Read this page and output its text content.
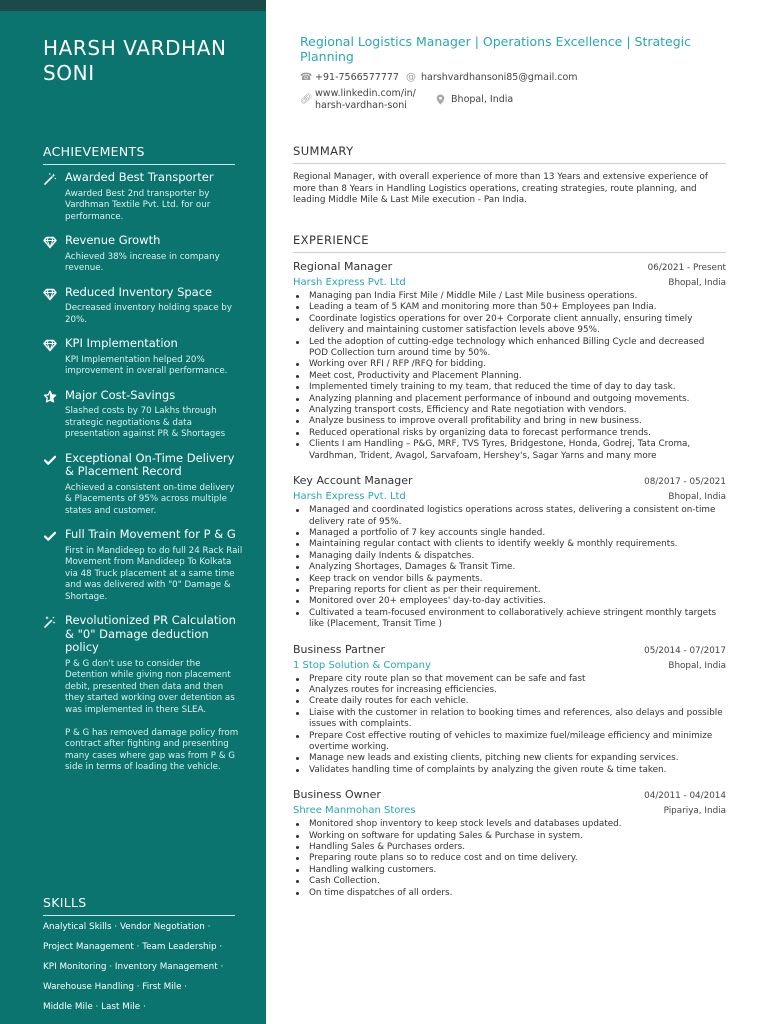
HARSH VARDHAN SONI
ACHIEVEMENTS
Awarded Best Transporter
Awarded Best 2nd transporter by Vardhman Textile Pvt. Ltd. for our performance.
Revenue Growth
Achieved 38% increase in company revenue.
Reduced Inventory Space
Decreased inventory holding space by 20%.
KPI Implementation
KPI Implementation helped 20% improvement in overall performance.
Major Cost-Savings
Slashed costs by 70 Lakhs through strategic negotiations & data presentation against PR & Shortages
Exceptional On-Time Delivery & Placement Record
Achieved a consistent on-time delivery & Placements of 95% across multiple states and customer.
Full Train Movement for P & G
First in Mandideep to do full 24 Rack Rail Movement from Mandideep To Kolkata via 48 Truck placement at a same time and was delivered with "0" Damage & Shortage.
Revolutionized PR Calculation & "0" Damage deduction policy
P & G don't use to consider the Detention while giving non placement debit, presented then data and then they started working over detention as was implemented in there SLEA.

P & G has removed damage policy from contract after fighting and presenting many cases where gap was from P & G side in terms of loading the vehicle.
SKILLS
Analytical Skills · Vendor Negotiation ·
Project Management · Team Leadership ·
KPI Monitoring · Inventory Management ·
Warehouse Handling · First Mile ·
Middle Mile · Last Mile ·
Regional Logistics Manager | Operations Excellence | Strategic Planning
☎ +91-7566577777 @ harshvardhansoni85@gmail.com
🔗︎ www.linkedin.com/in/
harsh-vardhan-soni
Bhopal, India
SUMMARY
Regional Manager, with overall experience of more than 13 Years and extensive experience of more than 8 Years in Handling Logistics operations, creating strategies, route planning, and leading Middle Mile & Last Mile execution - Pan India.
EXPERIENCE
Regional Manager	06/2021 - Present
Harsh Express Pvt. Ltd	Bhopal, India
Managing pan India First Mile / Middle Mile / Last Mile business operations.
Leading a team of 5 KAM and monitoring more than 50+ Employees pan India.
Coordinate logistics operations for over 20+ Corporate client annually, ensuring timely delivery and maintaining customer satisfaction levels above 95%.
Led the adoption of cutting-edge technology which enhanced Billing Cycle and decreased POD Collection turn around time by 50%.
Working over RFI / RFP /RFQ for bidding.
Meet cost, Productivity and Placement Planning.
Implemented timely training to my team, that reduced the time of day to day task.
Analyzing planning and placement performance of inbound and outgoing movements.
Analyzing transport costs, Efficiency and Rate negotiation with vendors.
Analyze business to improve overall profitability and bring in new business.
Reduced operational risks by organizing data to forecast performance trends.
Clients I am Handling – P&G, MRF, TVS Tyres, Bridgestone, Honda, Godrej, Tata Croma, Vardhman, Trident, Avagol, Sarvafoam, Hershey's, Sagar Yarns and many more
Key Account Manager	08/2017 - 05/2021
Harsh Express Pvt. Ltd	Bhopal, India
Managed and coordinated logistics operations across states, delivering a consistent on-time delivery rate of 95%.
Managed a portfolio of 7 key accounts single handed.
Maintaining regular contact with clients to identify weekly & monthly requirements.
Managing daily Indents & dispatches.
Analyzing Shortages, Damages & Transit Time.
Keep track on vendor bills & payments.
Preparing reports for client as per their requirement.
Monitored over 20+ employees' day-to-day activities.
Cultivated a team-focused environment to collaboratively achieve stringent monthly targets like (Placement, Transit Time )
Business Partner	05/2014 - 07/2017
1 Stop Solution & Company	Bhopal, India
Prepare city route plan so that movement can be safe and fast
Analyzes routes for increasing efficiencies.
Create daily routes for each vehicle.
Liaise with the customer in relation to booking times and references, also delays and possible issues with complaints.
Prepare Cost effective routing of vehicles to maximize fuel/mileage efficiency and minimize overtime working.
Manage new leads and existing clients, pitching new clients for expanding services.
Validates handling time of complaints by analyzing the given route & time taken.
Business Owner	04/2011 - 04/2014
Shree Manmohan Stores	Pipariya, India
Monitored shop inventory to keep stock levels and databases updated.
Working on software for updating Sales & Purchase in system.
Handling Sales & Purchases orders.
Preparing route plans so to reduce cost and on time delivery.
Handling walking customers.
Cash Collection.
On time dispatches of all orders.
